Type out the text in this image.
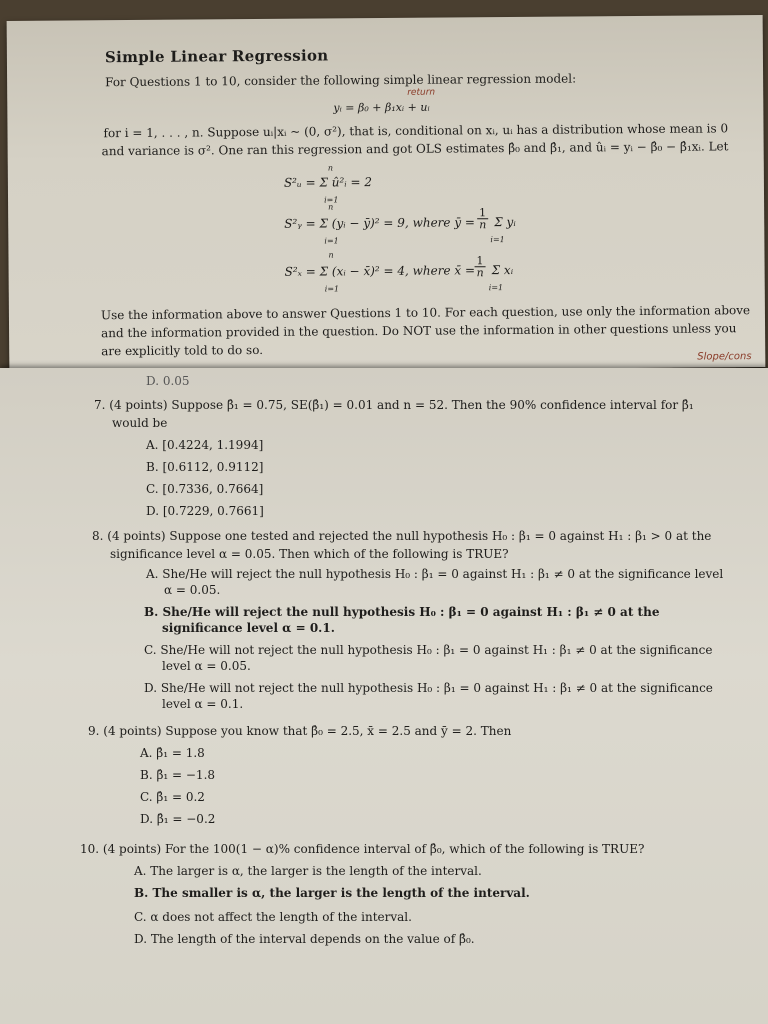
Simple Linear Regression
For Questions 1 to 10, consider the following simple linear regression model:
return
yᵢ = β₀ + β₁xᵢ + uᵢ
for i = 1, . . . , n. Suppose uᵢ|xᵢ ~ (0, σ²), that is, conditional on xᵢ, uᵢ has a distribution whose mean is 0
and variance is σ². One ran this regression and got OLS estimates β̂₀ and β̂₁, and ûᵢ = yᵢ − β̂₀ − β̂₁xᵢ. Let
n
S²ᵤ = Σ û²ᵢ = 2
i=1
n
S²ᵧ = Σ (yᵢ − ȳ)² = 9, where ȳ = $\frac{1}{n}$ Σ yᵢ
i=1	i=1
n
S²ₓ = Σ (xᵢ − x̄)² = 4, where x̄ = $\frac{1}{n}$ Σ xᵢ
i=1	i=1
Use the information above to answer Questions 1 to 10. For each question, use only the information above
and the information provided in the question. Do NOT use the information in other questions unless you
are explicitly told to do so.	Slope/cons
D. 0.05
7. (4 points) Suppose β̂₁ = 0.75, SE(β̂₁) = 0.01 and n = 52. Then the 90% confidence interval for β̂₁
would be
A. [0.4224, 1.1994]
B. [0.6112, 0.9112]
C. [0.7336, 0.7664]
D. [0.7229, 0.7661]
8. (4 points) Suppose one tested and rejected the null hypothesis H₀ : β₁ = 0 against H₁ : β₁ > 0 at the
significance level α = 0.05. Then which of the following is TRUE?
A. She/He will reject the null hypothesis H₀ : β₁ = 0 against H₁ : β₁ ≠ 0 at the significance level
α = 0.05.
B. She/He will reject the null hypothesis H₀ : β₁ = 0 against H₁ : β₁ ≠ 0 at the
significance level α = 0.1.
C. She/He will not reject the null hypothesis H₀ : β₁ = 0 against H₁ : β₁ ≠ 0 at the significance
level α = 0.05.
D. She/He will not reject the null hypothesis H₀ : β₁ = 0 against H₁ : β₁ ≠ 0 at the significance
level α = 0.1.
9. (4 points) Suppose you know that β̂₀ = 2.5, x̄ = 2.5 and ȳ = 2. Then
A. β̂₁ = 1.8
B. β̂₁ = −1.8
C. β̂₁ = 0.2
D. β̂₁ = −0.2
10. (4 points) For the 100(1 − α)% confidence interval of β̂₀, which of the following is TRUE?
A. The larger is α, the larger is the length of the interval.
B. The smaller is α, the larger is the length of the interval.
C. α does not affect the length of the interval.
D. The length of the interval depends on the value of β̂₀.
